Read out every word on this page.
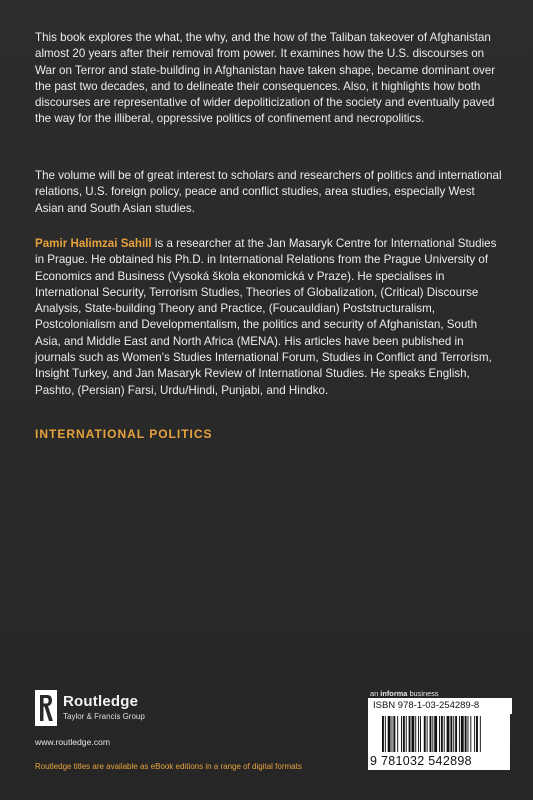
This book explores the what, the why, and the how of the Taliban takeover of Afghanistan almost 20 years after their removal from power. It examines how the U.S. discourses on War on Terror and state-building in Afghanistan have taken shape, became dominant over the past two decades, and to delineate their consequences. Also, it highlights how both discourses are representative of wider depoliticization of the society and eventually paved the way for the illiberal, oppressive politics of confinement and necropolitics.

The volume will be of great interest to scholars and researchers of politics and international relations, U.S. foreign policy, peace and conflict studies, area studies, especially West Asian and South Asian studies.

Pamir Halimzai Sahill is a researcher at the Jan Masaryk Centre for International Studies in Prague. He obtained his Ph.D. in International Relations from the Prague University of Economics and Business (Vysoká škola ekonomická v Praze). He specialises in International Security, Terrorism Studies, Theories of Globalization, (Critical) Discourse Analysis, State-building Theory and Practice, (Foucauldian) Poststructuralism, Postcolonialism and Developmentalism, the politics and security of Afghanistan, South Asia, and Middle East and North Africa (MENA). His articles have been published in journals such as Women's Studies International Forum, Studies in Conflict and Terrorism, Insight Turkey, and Jan Masaryk Review of International Studies. He speaks English, Pashto, (Persian) Farsi, Urdu/Hindi, Punjabi, and Hindko.

INTERNATIONAL POLITICS
Routledge
Taylor & Francis Group
www.routledge.com
Routledge titles are available as eBook editions in a range of digital formats
an informa business
ISBN 978-1-03-254289-8
9 781032 542898
